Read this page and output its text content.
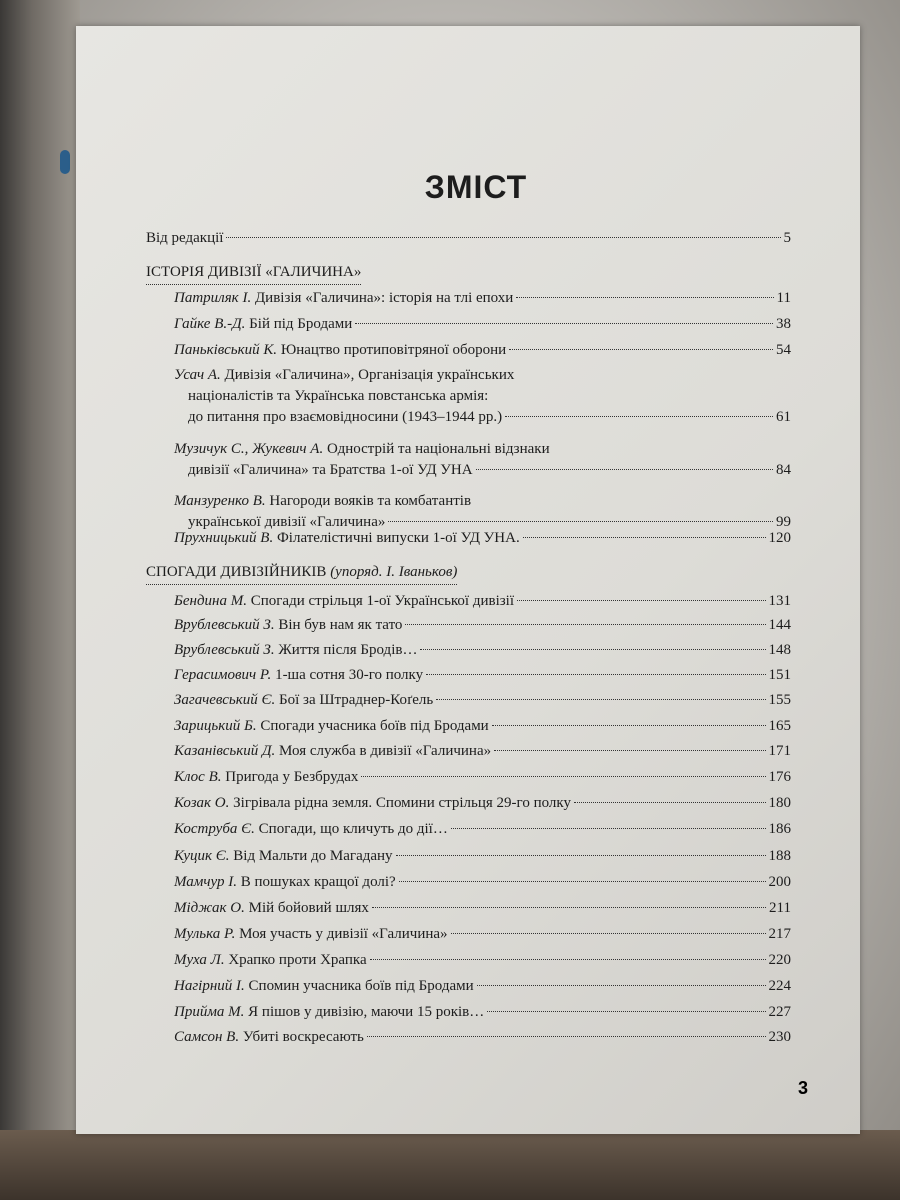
ЗМІСТ
Від редакції	5
ІСТОРІЯ ДИВІЗІЇ «ГАЛИЧИНА»
Патриляк І. Дивізія «Галичина»: історія на тлі епохи	11
Гайке В.-Д. Бій під Бродами	38
Паньківський К. Юнацтво протиповітряної оборони	54
Усач А. Дивізія «Галичина», Організація українських
націоналістів та Українська повстанська армія:
до питання про взаємовідносини (1943–1944 рр.)	61
Музичук С., Жукевич А. Однострій та національні відзнаки
дивізії «Галичина» та Братства 1-ої УД УНА	84
Манзуренко В. Нагороди вояків та комбатантів
української дивізії «Галичина»	99
Прухницький В. Філателістичні випуски 1-ої УД УНА.	120
СПОГАДИ ДИВІЗІЙНИКІВ (упоряд. І. Іваньков)
Бендина М. Спогади стрільця 1-ої Української дивізії	131
Врублевський З. Він був нам як тато	144
Врублевський З. Життя після Бродів…	148
Герасимович Р. 1-ша сотня 30-го полку	151
Загачевський Є. Бої за Штраднер-Коґель	155
Зарицький Б. Спогади учасника боїв під Бродами	165
Казанівський Д. Моя служба в дивізії «Галичина»	171
Клос В. Пригода у Безбрудах	176
Козак О. Зігрівала рідна земля. Спомини стрільця 29-го полку	180
Коструба Є. Спогади, що кличуть до дії…	186
Куцик Є. Від Мальти до Магадану	188
Мамчур І. В пошуках кращої долі?	200
Міджак О. Мій бойовий шлях	211
Мулька Р. Моя участь у дивізії «Галичина»	217
Муха Л. Храпко проти Храпка	220
Нагірний І. Спомин учасника боїв під Бродами	224
Прийма М. Я пішов у дивізію, маючи 15 років…	227
Самсон В. Убиті воскресають	230
3
